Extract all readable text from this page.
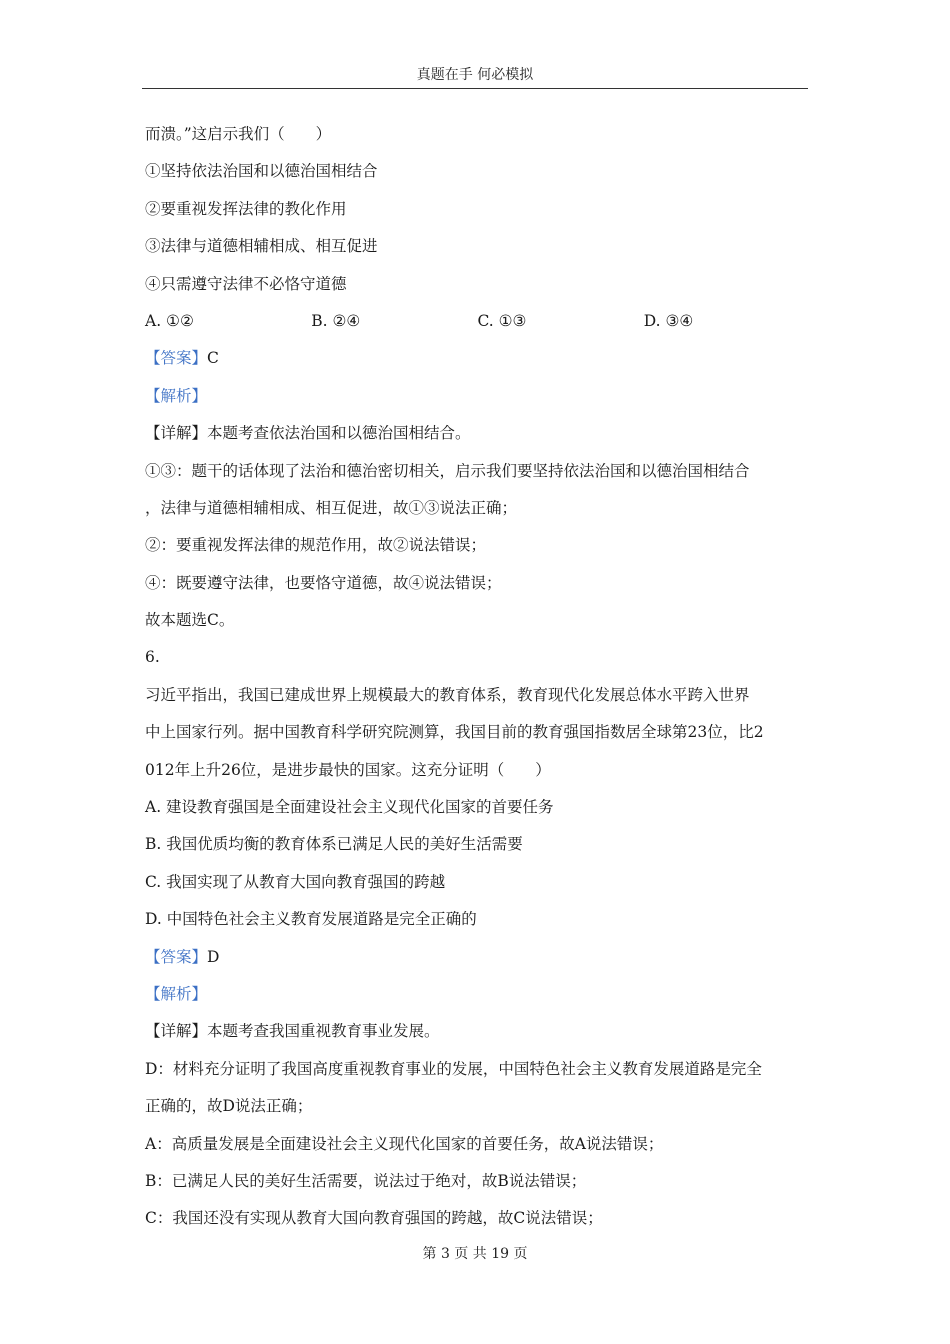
真题在手 何必模拟
而溃。”这启示我们（　　）
①坚持依法治国和以德治国相结合
②要重视发挥法律的教化作用
③法律与道德相辅相成、相互促进
④只需遵守法律不必恪守道德
A. ①②	B. ②④	C. ①③	D. ③④
【答案】C
【解析】
【详解】本题考查依法治国和以德治国相结合。
①③：题干的话体现了法治和德治密切相关，启示我们要坚持依法治国和以德治国相结合
，法律与道德相辅相成、相互促进，故①③说法正确；
②：要重视发挥法律的规范作用，故②说法错误；
④：既要遵守法律，也要恪守道德，故④说法错误；
故本题选C。
6.
习近平指出，我国已建成世界上规模最大的教育体系，教育现代化发展总体水平跨入世界
中上国家行列。据中国教育科学研究院测算，我国目前的教育强国指数居全球第23位，比2
012年上升26位，是进步最快的国家。这充分证明（　　）
A. 建设教育强国是全面建设社会主义现代化国家的首要任务
B. 我国优质均衡的教育体系已满足人民的美好生活需要
C. 我国实现了从教育大国向教育强国的跨越
D. 中国特色社会主义教育发展道路是完全正确的
【答案】D
【解析】
【详解】本题考查我国重视教育事业发展。
D：材料充分证明了我国高度重视教育事业的发展，中国特色社会主义教育发展道路是完全
正确的，故D说法正确；
A：高质量发展是全面建设社会主义现代化国家的首要任务，故A说法错误；
B：已满足人民的美好生活需要，说法过于绝对，故B说法错误；
C：我国还没有实现从教育大国向教育强国的跨越，故C说法错误；
第 3 页 共 19 页
